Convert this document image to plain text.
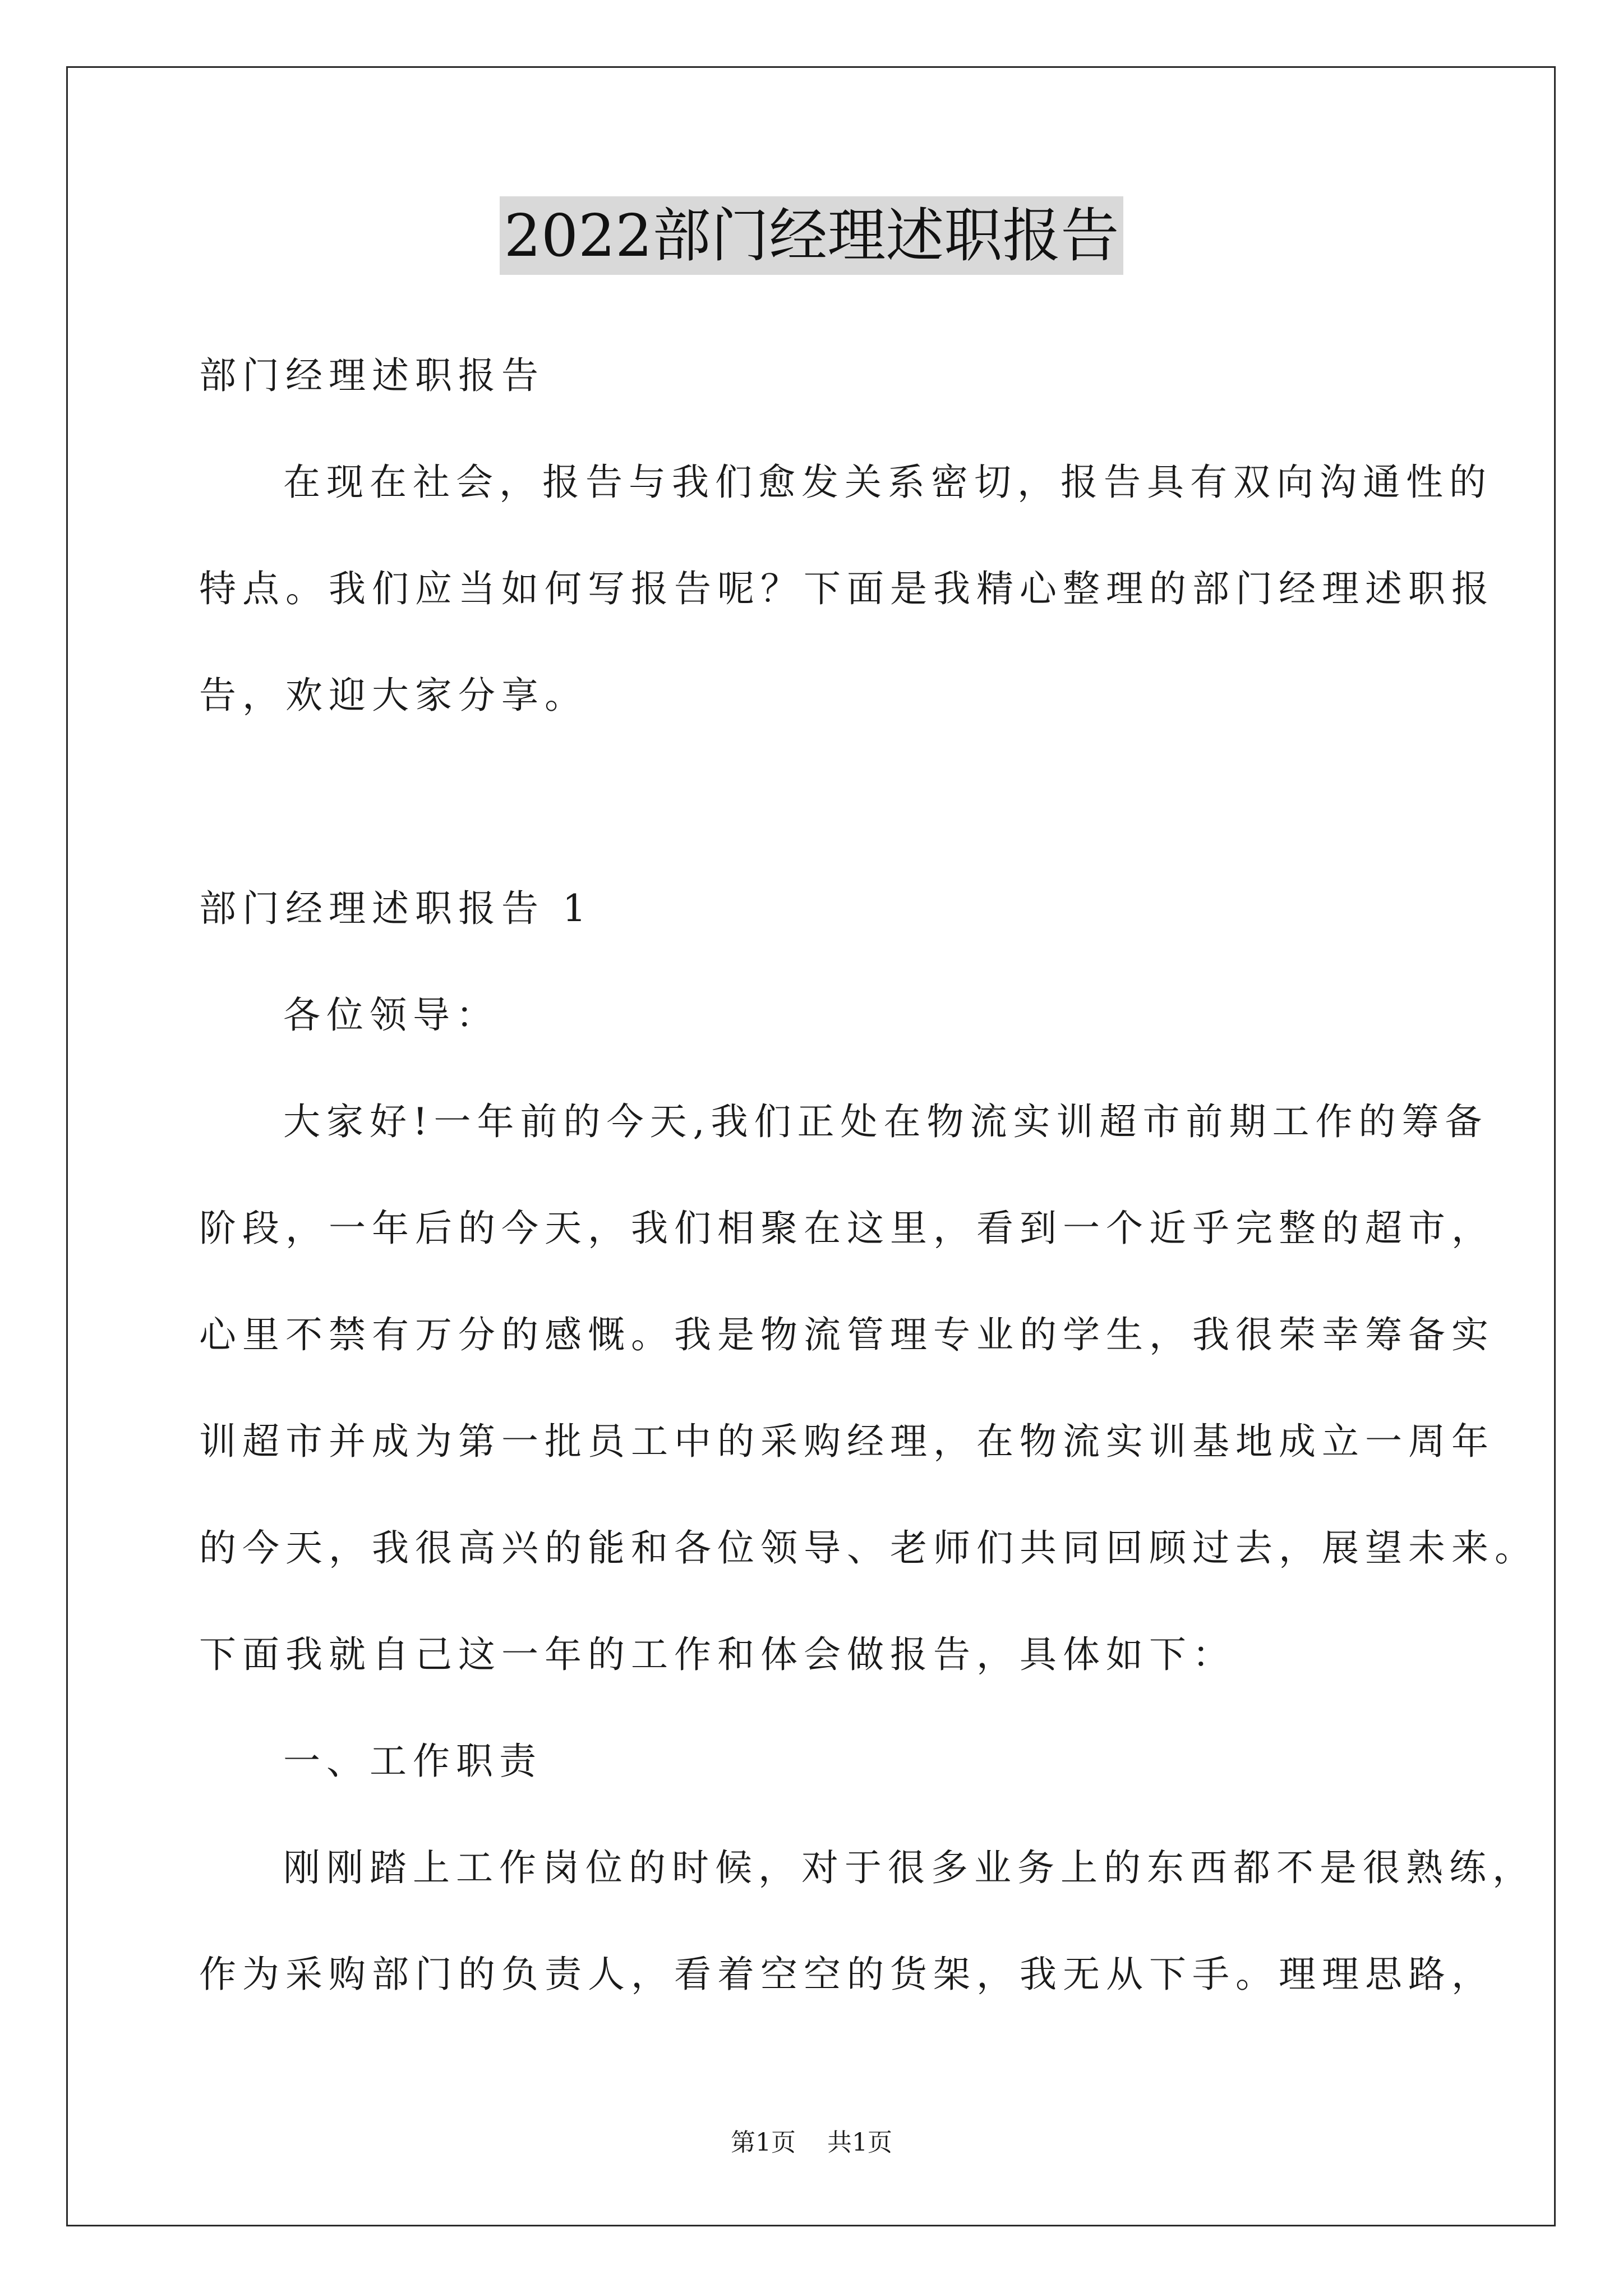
2022部门经理述职报告
部门经理述职报告
在现在社会，报告与我们愈发关系密切，报告具有双向沟通性的
特点。我们应当如何写报告呢？下面是我精心整理的部门经理述职报
告，欢迎大家分享。
部门经理述职报告 1
各位领导：
大家好!一年前的今天,我们正处在物流实训超市前期工作的筹备
阶段，一年后的今天，我们相聚在这里，看到一个近乎完整的超市，
心里不禁有万分的感慨。我是物流管理专业的学生，我很荣幸筹备实
训超市并成为第一批员工中的采购经理，在物流实训基地成立一周年
的今天，我很高兴的能和各位领导、老师们共同回顾过去，展望未来。
下面我就自己这一年的工作和体会做报告，具体如下：
一、工作职责
刚刚踏上工作岗位的时候，对于很多业务上的东西都不是很熟练，
作为采购部门的负责人，看着空空的货架，我无从下手。理理思路，
第1页    共1页
